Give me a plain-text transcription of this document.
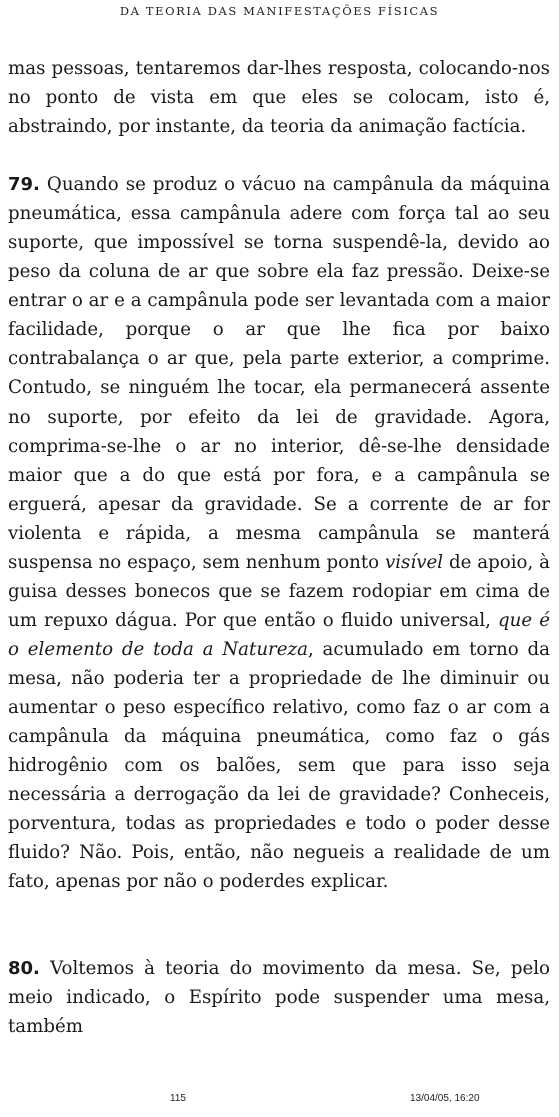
DA TEORIA DAS MANIFESTAÇÕES FÍSICAS

mas pessoas, tentaremos dar-lhes resposta, colocando-nos no ponto de vista em que eles se colocam, isto é, abstraindo, por instante, da teoria da animação factícia.

79. Quando se produz o vácuo na campânula da máquina pneumática, essa campânula adere com força tal ao seu suporte, que impossível se torna suspendê-la, devido ao peso da coluna de ar que sobre ela faz pressão. Deixe-se entrar o ar e a campânula pode ser levantada com a maior facilidade, porque o ar que lhe fica por baixo contrabalança o ar que, pela parte exterior, a comprime. Contudo, se ninguém lhe tocar, ela permanecerá assente no suporte, por efeito da lei de gravidade. Agora, comprima-se-lhe o ar no interior, dê-se-lhe densidade maior que a do que está por fora, e a campânula se erguerá, apesar da gravidade. Se a corrente de ar for violenta e rápida, a mesma campânula se manterá suspensa no espaço, sem nenhum ponto visível de apoio, à guisa desses bonecos que se fazem rodopiar em cima de um repuxo dágua. Por que então o fluido universal, que é o elemento de toda a Natureza, acumulado em torno da mesa, não poderia ter a propriedade de lhe diminuir ou aumentar o peso específico relativo, como faz o ar com a campânula da máquina pneumática, como faz o gás hidrogênio com os balões, sem que para isso seja necessária a derrogação da lei de gravidade? Conheceis, porventura, todas as propriedades e todo o poder desse fluido? Não. Pois, então, não negueis a realidade de um fato, apenas por não o poderdes explicar.

80. Voltemos à teoria do movimento da mesa. Se, pelo meio indicado, o Espírito pode suspender uma mesa, também

115	13/04/05, 16:20
